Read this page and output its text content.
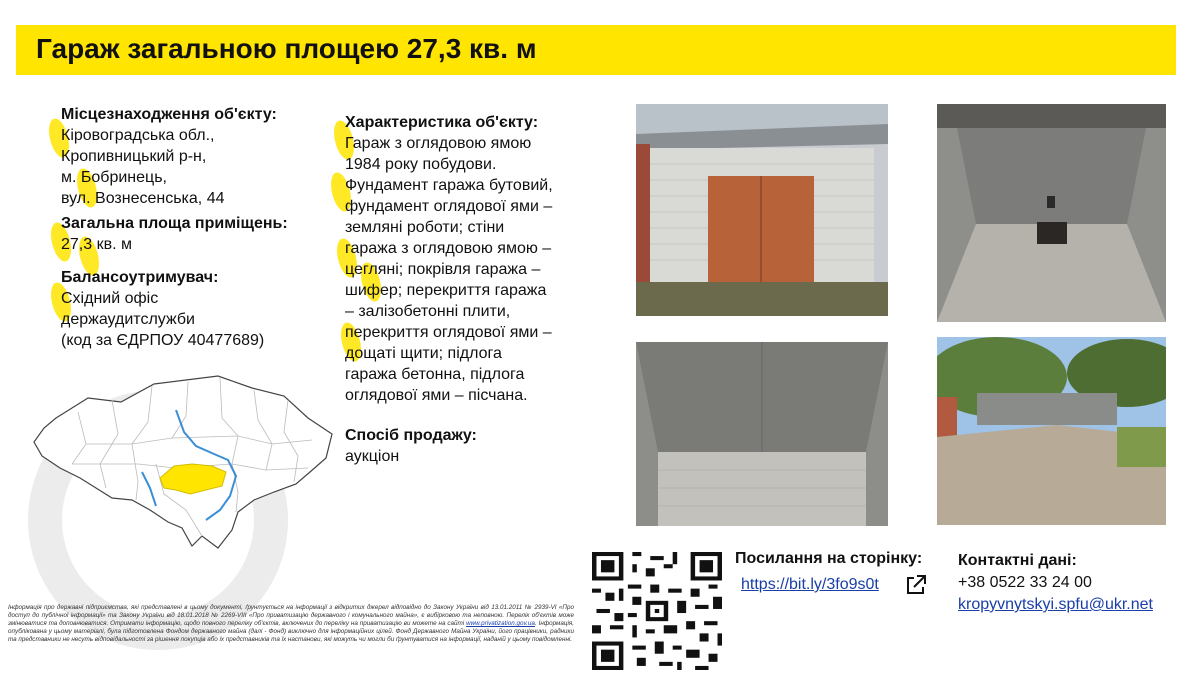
Гараж загальною площею 27,3 кв. м
Місцезнаходження об'єкту:
Кіровоградська обл.,
Кропивницький р-н,
м. Бобринець,
вул. Вознесенська, 44
Загальна площа приміщень:
27,3 кв. м
Балансоутримувач:
Східний офіс
держаудитслужби
(код за ЄДРПОУ 40477689)
Характеристика об'єкту:
Гараж з оглядовою ямою
1984 року побудови.
Фундамент гаража бутовий,
фундамент оглядової ями –
земляні роботи; стіни
гаража з оглядовою ямою –
цегляні; покрівля гаража –
шифер; перекриття гаража
– залізобетонні плити,
перекриття оглядової ями –
дощаті щити; підлога
гаража бетонна, підлога
оглядової ями – пісчана.
Спосіб продажу:
аукціон
Посилання на сторінку:
https://bit.ly/3fo9s0t
Контактні дані:
+38 0522 33 24 00
kropyvnytskyi.spfu@ukr.net
Інформація про державні підприємства, які представлені в цьому документі, ґрунтується на інформації з відкритих джерел відповідно до Закону України від 13.01.2011 № 2939-VI «Про доступ до публічної інформації» та Закону України від 18.01.2018 № 2269-VIII «Про приватизацію державного і комунального майна», є вибірковою та неповною. Перелік об'єктів може змінюватися та доповнюватися. Отримати інформацію, щодо повного переліку об'єктів, включених до переліку на приватизацію ви можете на сайті www.privatization.gov.ua. Інформація, опублікована у цьому матеріалі, була підготовлена Фондом державного майна (далі - Фонд) виключно для інформаційних цілей. Фонд Державного Майна України, його працівники, радники та представники не несуть відповідальності за рішення покупців або їх представників та їх настанови, які можуть чи могли би ґрунтуватися на інформації, наданій у цьому повідомленні.
